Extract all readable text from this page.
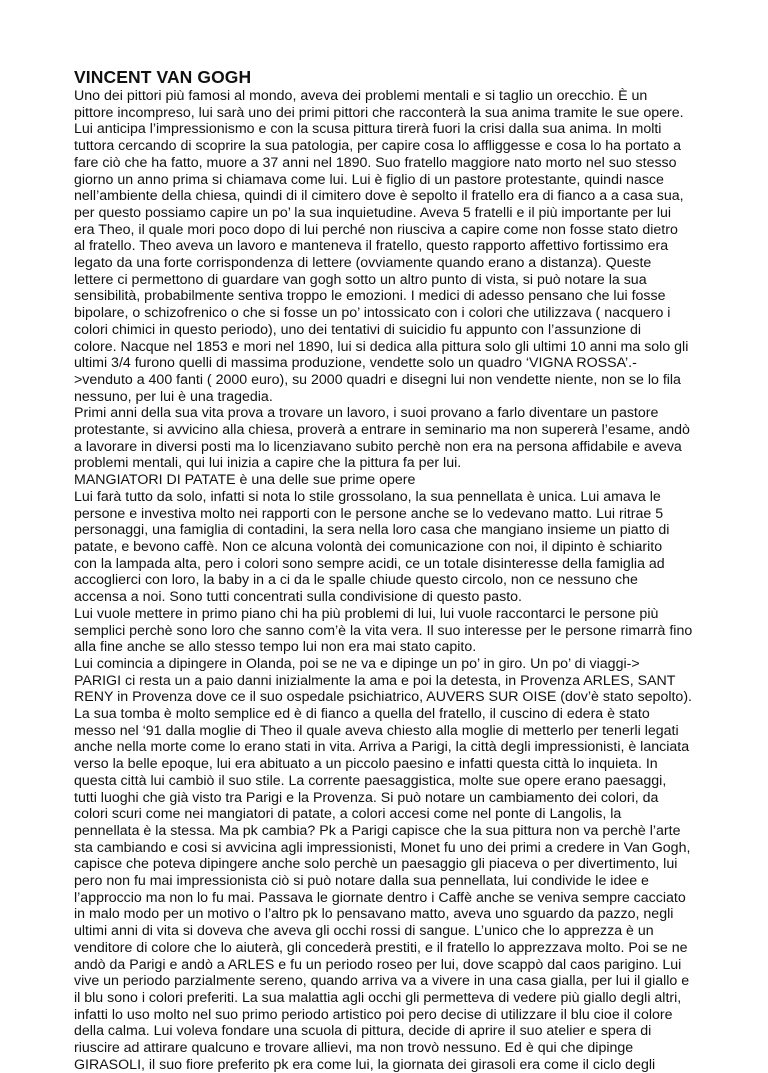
VINCENT VAN GOGH
Uno dei pittori più famosi al mondo, aveva dei problemi mentali e si taglio un orecchio. È un
pittore incompreso, lui sarà uno dei primi pittori che racconterà la sua anima tramite le sue opere.
Lui anticipa l’impressionismo e con la scusa pittura tirerà fuori la crisi dalla sua anima. In molti
tuttora cercando di scoprire la sua patologia, per capire cosa lo affliggesse e cosa lo ha portato a
fare ciò che ha fatto, muore a 37 anni nel 1890. Suo fratello maggiore nato morto nel suo stesso
giorno un anno prima si chiamava come lui. Lui è figlio di un pastore protestante, quindi nasce
nell’ambiente della chiesa, quindi di il cimitero dove è sepolto il fratello era di fianco a a casa sua,
per questo possiamo capire un po’ la sua inquietudine. Aveva 5 fratelli e il più importante per lui
era Theo, il quale mori poco dopo di lui perché non riusciva a capire come non fosse stato dietro
al fratello. Theo aveva un lavoro e manteneva il fratello, questo rapporto affettivo fortissimo era
legato da una forte corrispondenza di lettere (ovviamente quando erano a distanza). Queste
lettere ci permettono di guardare van gogh sotto un altro punto di vista, si può notare la sua
sensibilità, probabilmente sentiva troppo le emozioni. I medici di adesso pensano che lui fosse
bipolare, o schizofrenico o che si fosse un po’ intossicato con i colori che utilizzava ( nacquero i
colori chimici in questo periodo), uno dei tentativi di suicidio fu appunto con l’assunzione di
colore. Nacque nel 1853 e mori nel 1890, lui si dedica alla pittura solo gli ultimi 10 anni ma solo gli
ultimi 3/4 furono quelli di massima produzione, vendette solo un quadro ‘VIGNA ROSSA’.-
>venduto a 400 fanti ( 2000 euro), su 2000 quadri e disegni lui non vendette niente, non se lo fila
nessuno, per lui è una tragedia.
Primi anni della sua vita prova a trovare un lavoro, i suoi provano a farlo diventare un pastore
protestante, si avvicino alla chiesa, proverà a entrare in seminario ma non supererà l’esame, andò
a lavorare in diversi posti ma lo licenziavano subito perchè non era na persona affidabile e aveva
problemi mentali, qui lui inizia a capire che la pittura fa per lui.
MANGIATORI DI PATATE è una delle sue prime opere
Lui farà tutto da solo, infatti si nota lo stile grossolano, la sua pennellata è unica. Lui amava le
persone e investiva molto nei rapporti con le persone anche se lo vedevano matto. Lui ritrae 5
personaggi, una famiglia di contadini, la sera nella loro casa che mangiano insieme un piatto di
patate, e bevono caffè. Non ce alcuna volontà dei comunicazione con noi, il dipinto è schiarito
con la lampada alta, pero i colori sono sempre acidi, ce un totale disinteresse della famiglia ad
accoglierci con loro, la baby in a ci da le spalle chiude questo circolo, non ce nessuno che
accensa a noi. Sono tutti concentrati sulla condivisione di questo pasto.
Lui vuole mettere in primo piano chi ha più problemi di lui, lui vuole raccontarci le persone più
semplici perchè sono loro che sanno com’è la vita vera. Il suo interesse per le persone rimarrà fino
alla fine anche se allo stesso tempo lui non era mai stato capito.
Lui comincia a dipingere in Olanda, poi se ne va e dipinge un po’ in giro. Un po’ di viaggi->
PARIGI ci resta un a paio danni inizialmente la ama e poi la detesta, in Provenza ARLES, SANT
RENY in Provenza dove ce il suo ospedale psichiatrico, AUVERS SUR OISE (dov’è stato sepolto).
La sua tomba è molto semplice ed è di fianco a quella del fratello, il cuscino di edera è stato
messo nel ‘91 dalla moglie di Theo il quale aveva chiesto alla moglie di metterlo per tenerli legati
anche nella morte come lo erano stati in vita. Arriva a Parigi, la città degli impressionisti, è lanciata
verso la belle epoque, lui era abituato a un piccolo paesino e infatti questa città lo inquieta. In
questa città lui cambiò il suo stile. La corrente paesaggistica, molte sue opere erano paesaggi,
tutti luoghi che già visto tra Parigi e la Provenza. Si può notare un cambiamento dei colori, da
colori scuri come nei mangiatori di patate, a colori accesi come nel ponte di Langolis, la
pennellata è la stessa. Ma pk cambia? Pk a Parigi capisce che la sua pittura non va perchè l’arte
sta cambiando e cosi si avvicina agli impressionisti, Monet fu uno dei primi a credere in Van Gogh,
capisce che poteva dipingere anche solo perchè un paesaggio gli piaceva o per divertimento, lui
pero non fu mai impressionista ciò si può notare dalla sua pennellata, lui condivide le idee e
l’approccio ma non lo fu mai. Passava le giornate dentro i Caffè anche se veniva sempre cacciato
in malo modo per un motivo o l’altro pk lo pensavano matto, aveva uno sguardo da pazzo, negli
ultimi anni di vita si doveva che aveva gli occhi rossi di sangue. L’unico che lo apprezza è un
venditore di colore che lo aiuterà, gli concederà prestiti, e il fratello lo apprezzava molto. Poi se ne
andò da Parigi e andò a ARLES e fu un periodo roseo per lui, dove scappò dal caos parigino. Lui
vive un periodo parzialmente sereno, quando arriva va a vivere in una casa gialla, per lui il giallo e
il blu sono i colori preferiti. La sua malattia agli occhi gli permetteva di vedere più giallo degli altri,
infatti lo uso molto nel suo primo periodo artistico poi pero decise di utilizzare il blu cioe il colore
della calma. Lui voleva fondare una scuola di pittura, decide di aprire il suo atelier e spera di
riuscire ad attirare qualcuno e trovare allievi, ma non trovò nessuno. Ed è qui che dipinge
GIRASOLI, il suo fiore preferito pk era come lui, la giornata dei girasoli era come il ciclo degli
